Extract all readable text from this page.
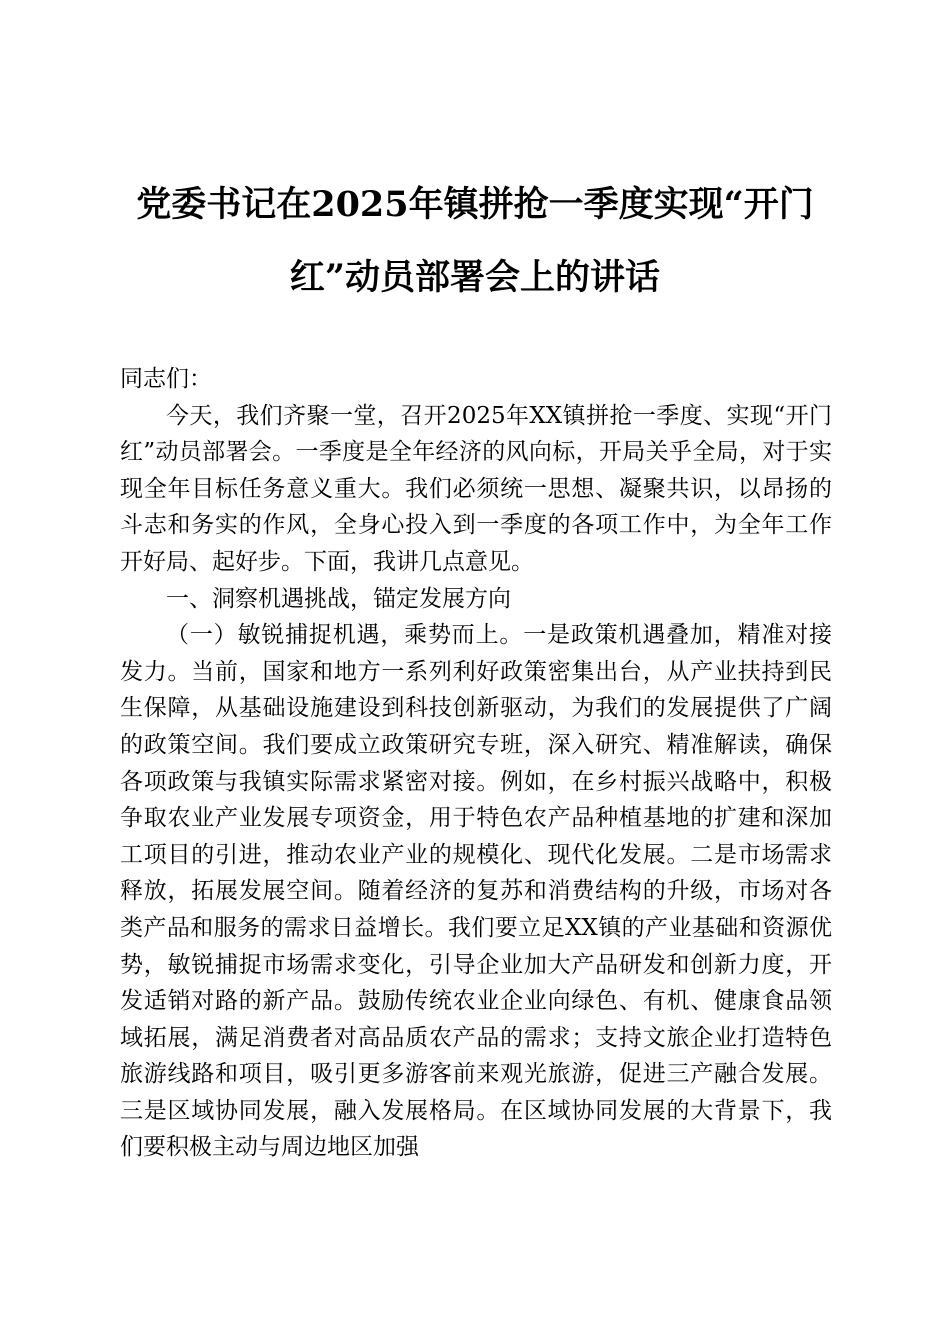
党委书记在2025年镇拼抢一季度实现“开门红”动员部署会上的讲话

同志们：

今天，我们齐聚一堂，召开2025年XX镇拼抢一季度、实现“开门红”动员部署会。一季度是全年经济的风向标，开局关乎全局，对于实现全年目标任务意义重大。我们必须统一思想、凝聚共识，以昂扬的斗志和务实的作风，全身心投入到一季度的各项工作中，为全年工作开好局、起好步。下面，我讲几点意见。

一、洞察机遇挑战，锚定发展方向

（一）敏锐捕捉机遇，乘势而上。一是政策机遇叠加，精准对接发力。当前，国家和地方一系列利好政策密集出台，从产业扶持到民生保障，从基础设施建设到科技创新驱动，为我们的发展提供了广阔的政策空间。我们要成立政策研究专班，深入研究、精准解读，确保各项政策与我镇实际需求紧密对接。例如，在乡村振兴战略中，积极争取农业产业发展专项资金，用于特色农产品种植基地的扩建和深加工项目的引进，推动农业产业的规模化、现代化发展。二是市场需求释放，拓展发展空间。随着经济的复苏和消费结构的升级，市场对各类产品和服务的需求日益增长。我们要立足XX镇的产业基础和资源优势，敏锐捕捉市场需求变化，引导企业加大产品研发和创新力度，开发适销对路的新产品。鼓励传统农业企业向绿色、有机、健康食品领域拓展，满足消费者对高品质农产品的需求；支持文旅企业打造特色旅游线路和项目，吸引更多游客前来观光旅游，促进三产融合发展。三是区域协同发展，融入发展格局。在区域协同发展的大背景下，我们要积极主动与周边地区加强
